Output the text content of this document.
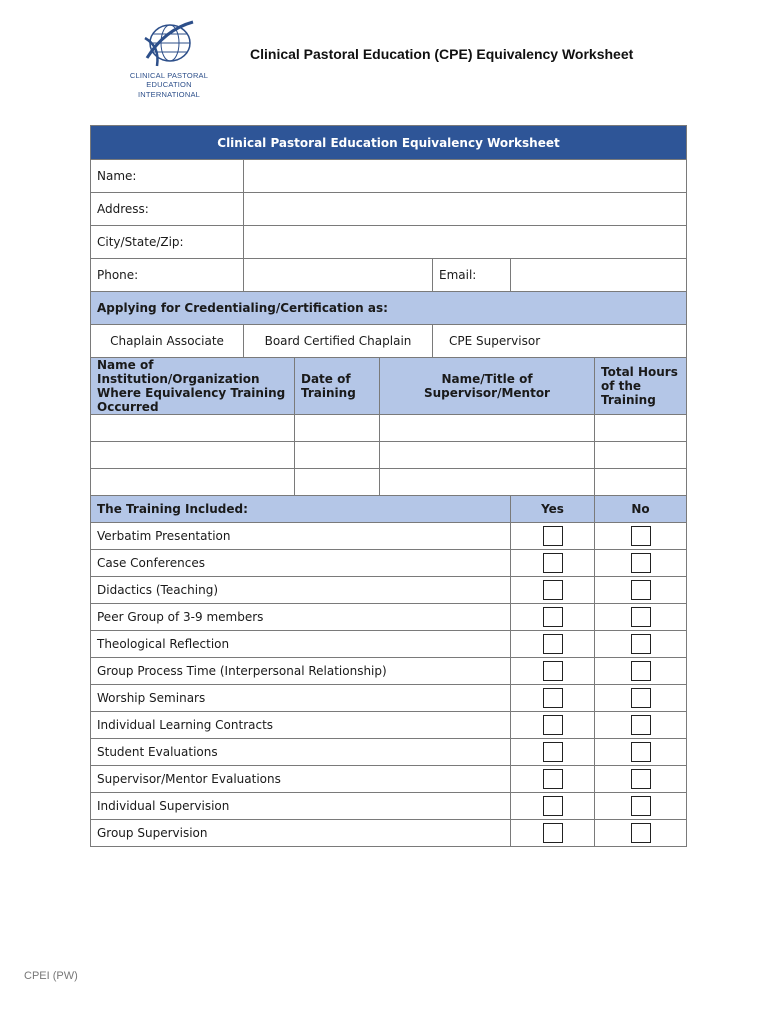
CLINICAL PASTORAL EDUCATION
INTERNATIONAL
Clinical Pastoral Education (CPE) Equivalency Worksheet
Clinical Pastoral Education Equivalency Worksheet						
Name:						
Address:						
City/State/Zip:						
Phone:				Email:		
Applying for Credentialing/Certification as:						
Chaplain Associate	Board Certified Chaplain			CPE Supervisor		
Name of Institution/Organization Where Equivalency Training Occurred		Date of Training	Name/Title of Supervisor/Mentor			Total Hours of the Training

The Training Included:					Yes	No
Verbatim Presentation						
Case Conferences						
Didactics (Teaching)						
Peer Group of 3-9 members						
Theological Reflection						
Group Process Time (Interpersonal Relationship)						
Worship Seminars						
Individual Learning Contracts						
Student Evaluations						
Supervisor/Mentor Evaluations						
Individual Supervision						
Group Supervision						
CPEI (PW)
